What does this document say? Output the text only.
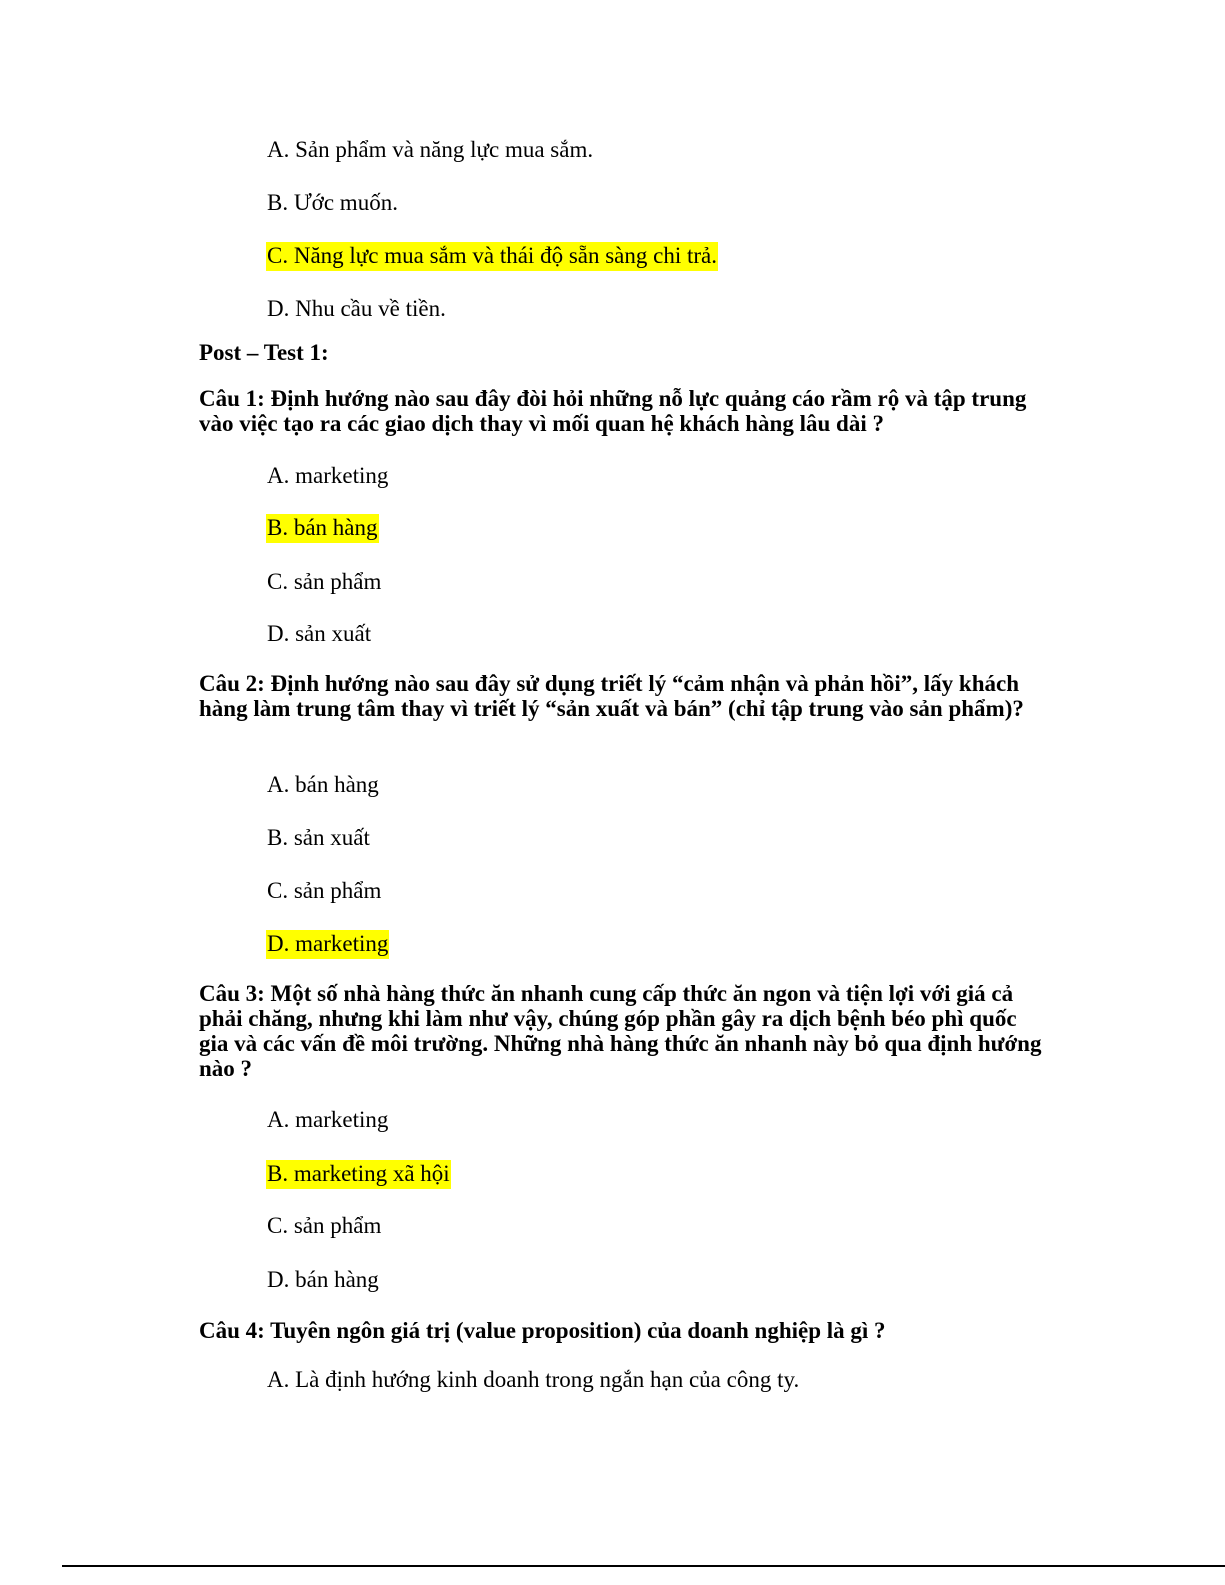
A. Sản phẩm và năng lực mua sắm.
B. Ước muốn.
C. Năng lực mua sắm và thái độ sẵn sàng chi trả.
D. Nhu cầu về tiền.
Post – Test 1:
Câu 1: Định hướng nào sau đây đòi hỏi những nỗ lực quảng cáo rầm rộ và tập trung vào việc tạo ra các giao dịch thay vì mối quan hệ khách hàng lâu dài ?
A. marketing
B. bán hàng
C. sản phẩm
D. sản xuất
Câu 2: Định hướng nào sau đây sử dụng triết lý “cảm nhận và phản hồi”, lấy khách hàng làm trung tâm thay vì triết lý “sản xuất và bán” (chỉ tập trung vào sản phẩm)?
A. bán hàng
B. sản xuất
C. sản phẩm
D. marketing
Câu 3: Một số nhà hàng thức ăn nhanh cung cấp thức ăn ngon và tiện lợi với giá cả phải chăng, nhưng khi làm như vậy, chúng góp phần gây ra dịch bệnh béo phì quốc gia và các vấn đề môi trường. Những nhà hàng thức ăn nhanh này bỏ qua định hướng nào ?
A. marketing
B. marketing xã hội
C. sản phẩm
D. bán hàng
Câu 4: Tuyên ngôn giá trị (value proposition) của doanh nghiệp là gì ?
A. Là định hướng kinh doanh trong ngắn hạn của công ty.
